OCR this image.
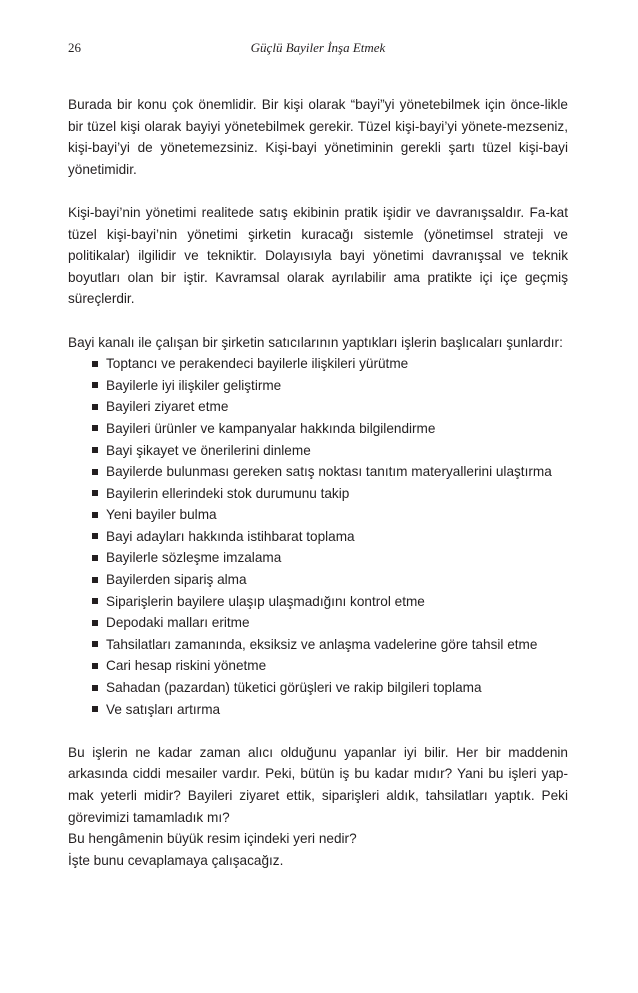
26	Güçlü Bayiler İnşa Etmek

Burada bir konu çok önemlidir. Bir kişi olarak “bayi”yi yönetebilmek için önce-likle bir tüzel kişi olarak bayiyi yönetebilmek gerekir. Tüzel kişi-bayi’yi yönete-mezseniz, kişi-bayi’yi de yönetemezsiniz. Kişi-bayi yönetiminin gerekli şartı tüzel kişi-bayi yönetimidir.

Kişi-bayi’nin yönetimi realitede satış ekibinin pratik işidir ve davranışsaldır. Fa-kat tüzel kişi-bayi’nin yönetimi şirketin kuracağı sistemle (yönetimsel strateji ve politikalar) ilgilidir ve tekniktir. Dolayısıyla bayi yönetimi davranışsal ve teknik boyutları olan bir iştir. Kavramsal olarak ayrılabilir ama pratikte içi içe geçmiş süreçlerdir.

Bayi kanalı ile çalışan bir şirketin satıcılarının yaptıkları işlerin başlıcaları şunlardır:

Toptancı ve perakendeci bayilerle ilişkileri yürütme
Bayilerle iyi ilişkiler geliştirme
Bayileri ziyaret etme
Bayileri ürünler ve kampanyalar hakkında bilgilendirme
Bayi şikayet ve önerilerini dinleme
Bayilerde bulunması gereken satış noktası tanıtım materyallerini ulaştırma
Bayilerin ellerindeki stok durumunu takip
Yeni bayiler bulma
Bayi adayları hakkında istihbarat toplama
Bayilerle sözleşme imzalama
Bayilerden sipariş alma
Siparişlerin bayilere ulaşıp ulaşmadığını kontrol etme
Depodaki malları eritme
Tahsilatları zamanında, eksiksiz ve anlaşma vadelerine göre tahsil etme
Cari hesap riskini yönetme
Sahadan (pazardan) tüketici görüşleri ve rakip bilgileri toplama
Ve satışları artırma
Bu işlerin ne kadar zaman alıcı olduğunu yapanlar iyi bilir. Her bir maddenin
arkasında ciddi mesailer vardır. Peki, bütün iş bu kadar mıdır? Yani bu işleri yap-
mak yeterli midir? Bayileri ziyaret ettik, siparişleri aldık, tahsilatları yaptık. Peki
görevimizi tamamladık mı?
Bu hengâmenin büyük resim içindeki yeri nedir?
İşte bunu cevaplamaya çalışacağız.
